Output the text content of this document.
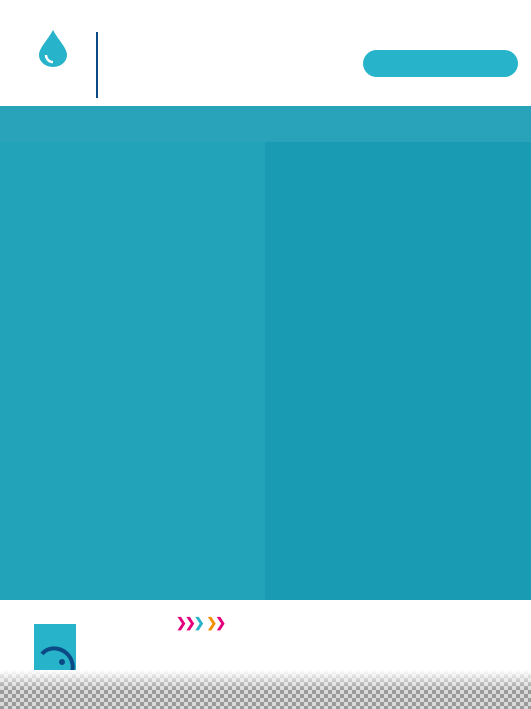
❯❯❯ ❯❯
